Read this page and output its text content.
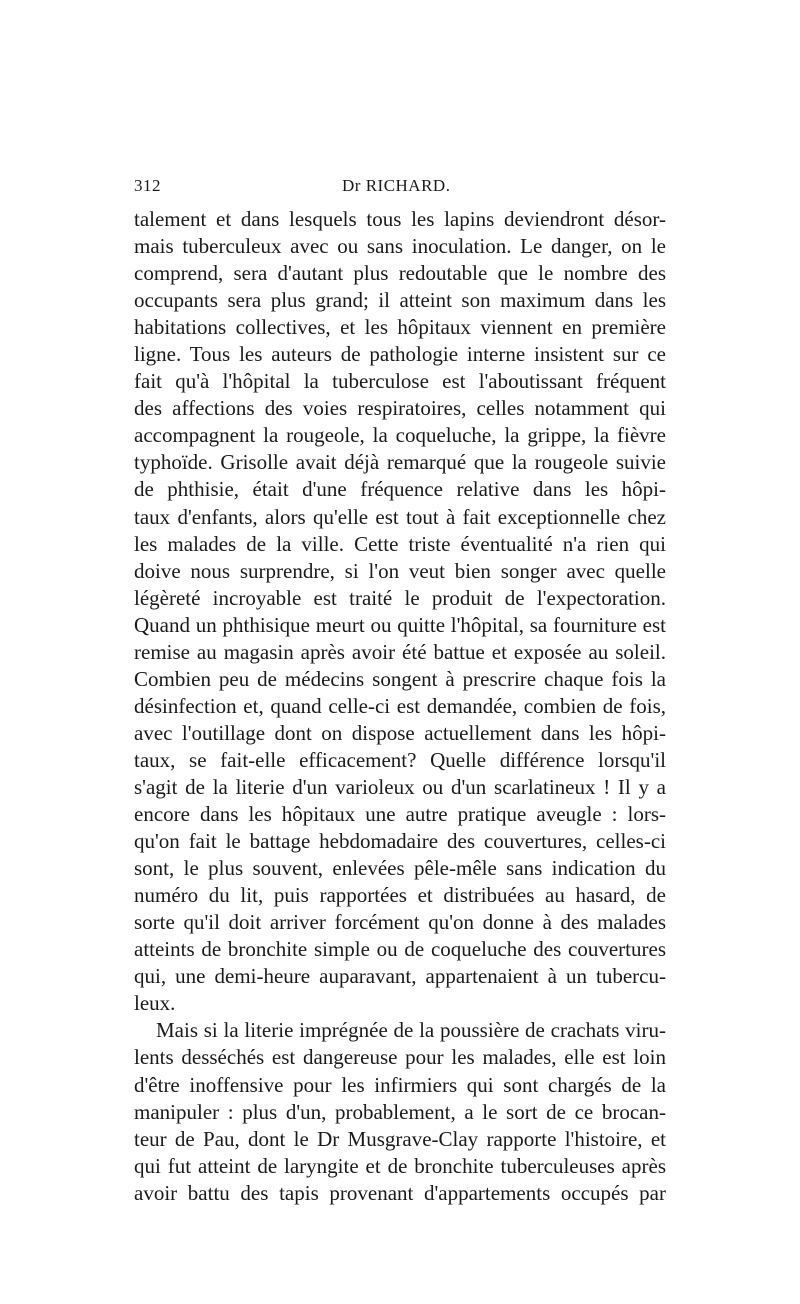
312	Dr RICHARD.
talement et dans lesquels tous les lapins deviendront désor-
mais tuberculeux avec ou sans inoculation. Le danger, on le
comprend, sera d'autant plus redoutable que le nombre des
occupants sera plus grand; il atteint son maximum dans les
habitations collectives, et les hôpitaux viennent en première
ligne. Tous les auteurs de pathologie interne insistent sur ce
fait qu'à l'hôpital la tuberculose est l'aboutissant fréquent
des affections des voies respiratoires, celles notamment qui
accompagnent la rougeole, la coqueluche, la grippe, la fièvre
typhoïde. Grisolle avait déjà remarqué que la rougeole suivie
de phthisie, était d'une fréquence relative dans les hôpi-
taux d'enfants, alors qu'elle est tout à fait exceptionnelle chez
les malades de la ville. Cette triste éventualité n'a rien qui
doive nous surprendre, si l'on veut bien songer avec quelle
légèreté incroyable est traité le produit de l'expectoration.
Quand un phthisique meurt ou quitte l'hôpital, sa fourniture est
remise au magasin après avoir été battue et exposée au soleil.
Combien peu de médecins songent à prescrire chaque fois la
désinfection et, quand celle-ci est demandée, combien de fois,
avec l'outillage dont on dispose actuellement dans les hôpi-
taux, se fait-elle efficacement? Quelle différence lorsqu'il
s'agit de la literie d'un varioleux ou d'un scarlatineux ! Il y a
encore dans les hôpitaux une autre pratique aveugle : lors-
qu'on fait le battage hebdomadaire des couvertures, celles-ci
sont, le plus souvent, enlevées pêle-mêle sans indication du
numéro du lit, puis rapportées et distribuées au hasard, de
sorte qu'il doit arriver forcément qu'on donne à des malades
atteints de bronchite simple ou de coqueluche des couvertures
qui, une demi-heure auparavant, appartenaient à un tubercu-
leux.
Mais si la literie imprégnée de la poussière de crachats viru-
lents desséchés est dangereuse pour les malades, elle est loin
d'être inoffensive pour les infirmiers qui sont chargés de la
manipuler : plus d'un, probablement, a le sort de ce brocan-
teur de Pau, dont le Dr Musgrave-Clay rapporte l'histoire, et
qui fut atteint de laryngite et de bronchite tuberculeuses après
avoir battu des tapis provenant d'appartements occupés par
